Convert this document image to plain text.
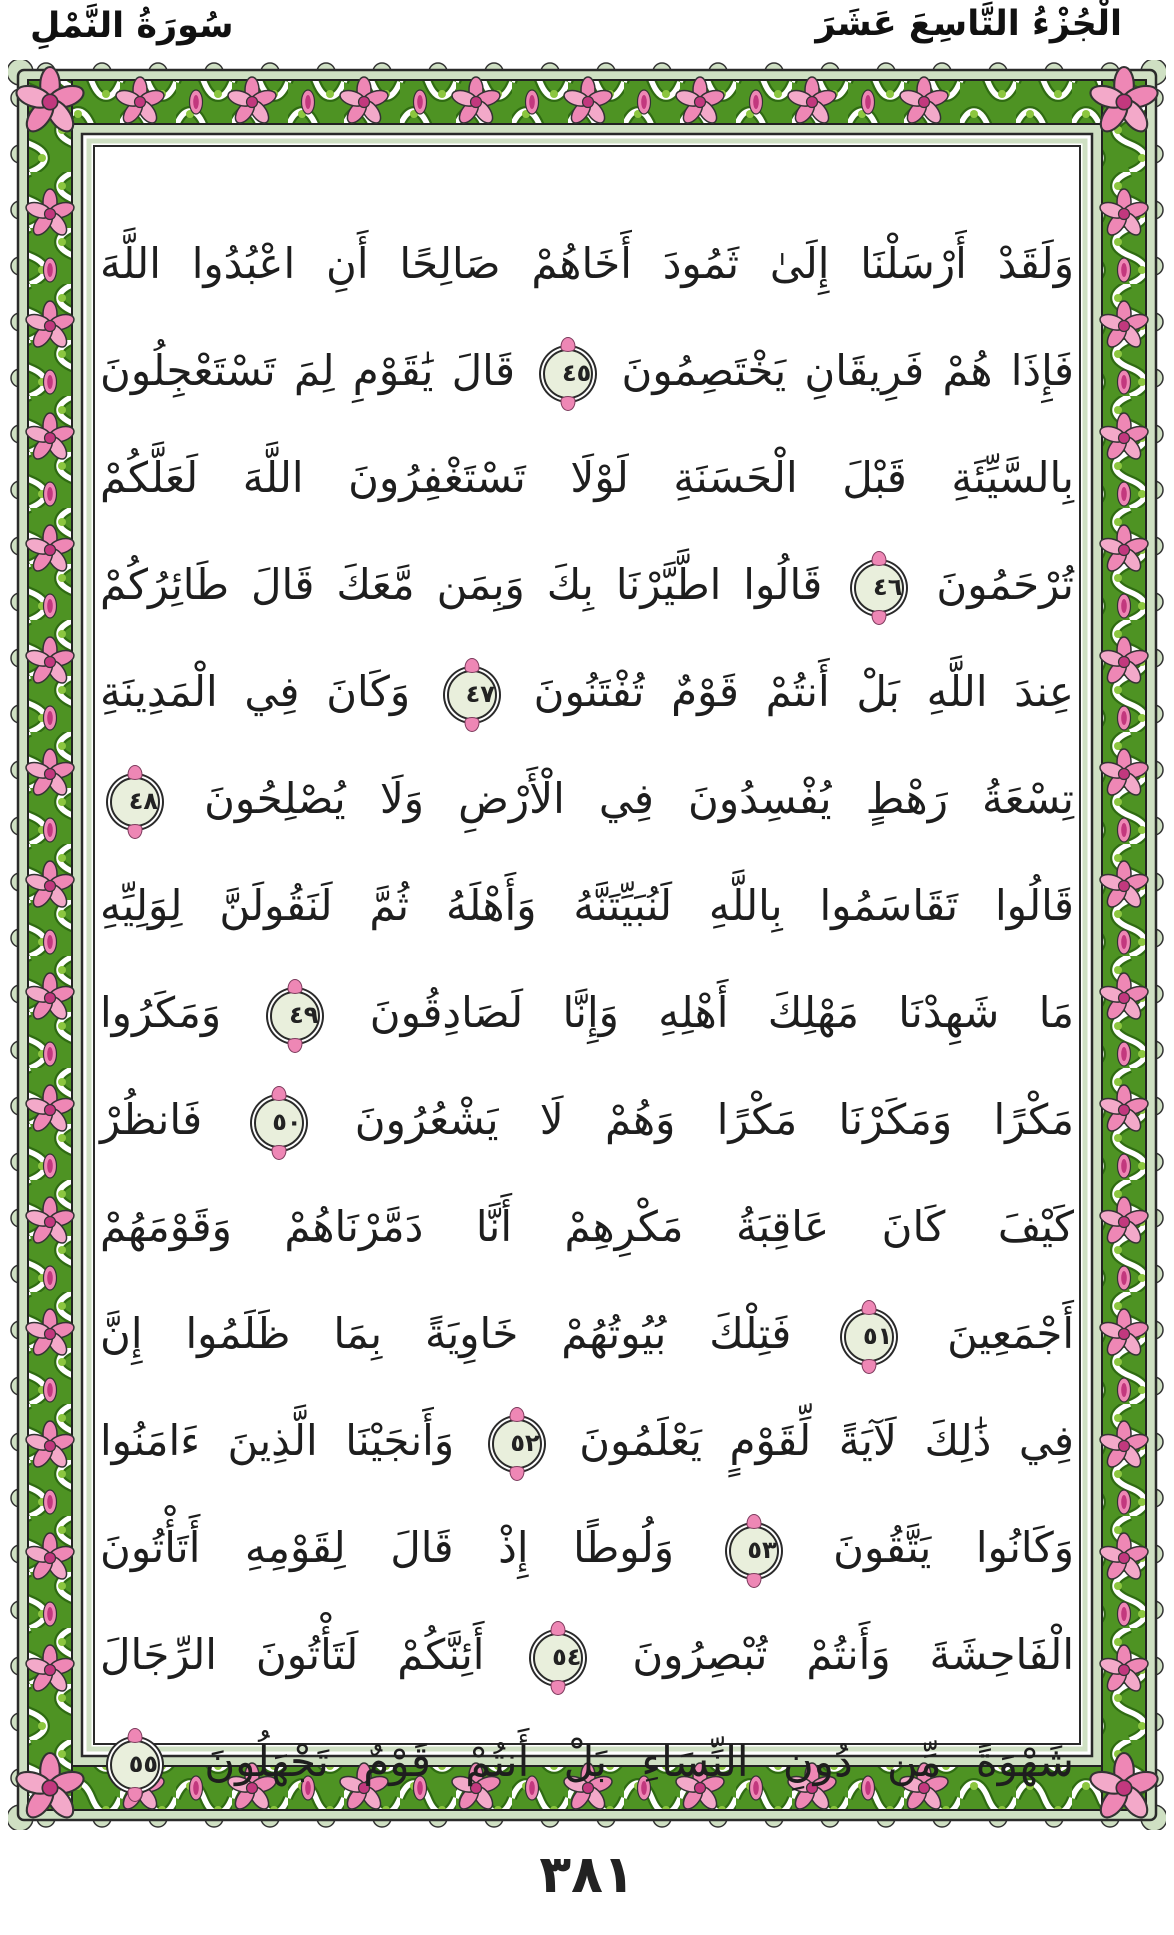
الْجُزْءُ التَّاسِعَ عَشَرَ
سُورَةُ النَّمْلِ
وَلَقَدْ أَرْسَلْنَا إِلَىٰ ثَمُودَ أَخَاهُمْ صَالِحًا أَنِ اعْبُدُوا اللَّهَ
فَإِذَا هُمْ فَرِيقَانِ يَخْتَصِمُونَ ٤٥ قَالَ يَٰقَوْمِ لِمَ تَسْتَعْجِلُونَ
بِالسَّيِّئَةِ قَبْلَ الْحَسَنَةِ لَوْلَا تَسْتَغْفِرُونَ اللَّهَ لَعَلَّكُمْ
تُرْحَمُونَ ٤٦ قَالُوا اطَّيَّرْنَا بِكَ وَبِمَن مَّعَكَ قَالَ طَائِرُكُمْ
عِندَ اللَّهِ بَلْ أَنتُمْ قَوْمٌ تُفْتَنُونَ ٤٧ وَكَانَ فِي الْمَدِينَةِ
تِسْعَةُ رَهْطٍ يُفْسِدُونَ فِي الْأَرْضِ وَلَا يُصْلِحُونَ ٤٨
قَالُوا تَقَاسَمُوا بِاللَّهِ لَنُبَيِّتَنَّهُ وَأَهْلَهُ ثُمَّ لَنَقُولَنَّ لِوَلِيِّهِ
مَا شَهِدْنَا مَهْلِكَ أَهْلِهِ وَإِنَّا لَصَادِقُونَ ٤٩ وَمَكَرُوا
مَكْرًا وَمَكَرْنَا مَكْرًا وَهُمْ لَا يَشْعُرُونَ ٥٠ فَانظُرْ
كَيْفَ كَانَ عَاقِبَةُ مَكْرِهِمْ أَنَّا دَمَّرْنَاهُمْ وَقَوْمَهُمْ
أَجْمَعِينَ ٥١ فَتِلْكَ بُيُوتُهُمْ خَاوِيَةً بِمَا ظَلَمُوا إِنَّ
فِي ذَٰلِكَ لَآيَةً لِّقَوْمٍ يَعْلَمُونَ ٥٢ وَأَنجَيْنَا الَّذِينَ ءَامَنُوا
وَكَانُوا يَتَّقُونَ ٥٣ وَلُوطًا إِذْ قَالَ لِقَوْمِهِ أَتَأْتُونَ
الْفَاحِشَةَ وَأَنتُمْ تُبْصِرُونَ ٥٤ أَئِنَّكُمْ لَتَأْتُونَ الرِّجَالَ
شَهْوَةً مِّن دُونِ النِّسَاءِ بَلْ أَنتُمْ قَوْمٌ تَجْهَلُونَ ٥٥
٣٨١
